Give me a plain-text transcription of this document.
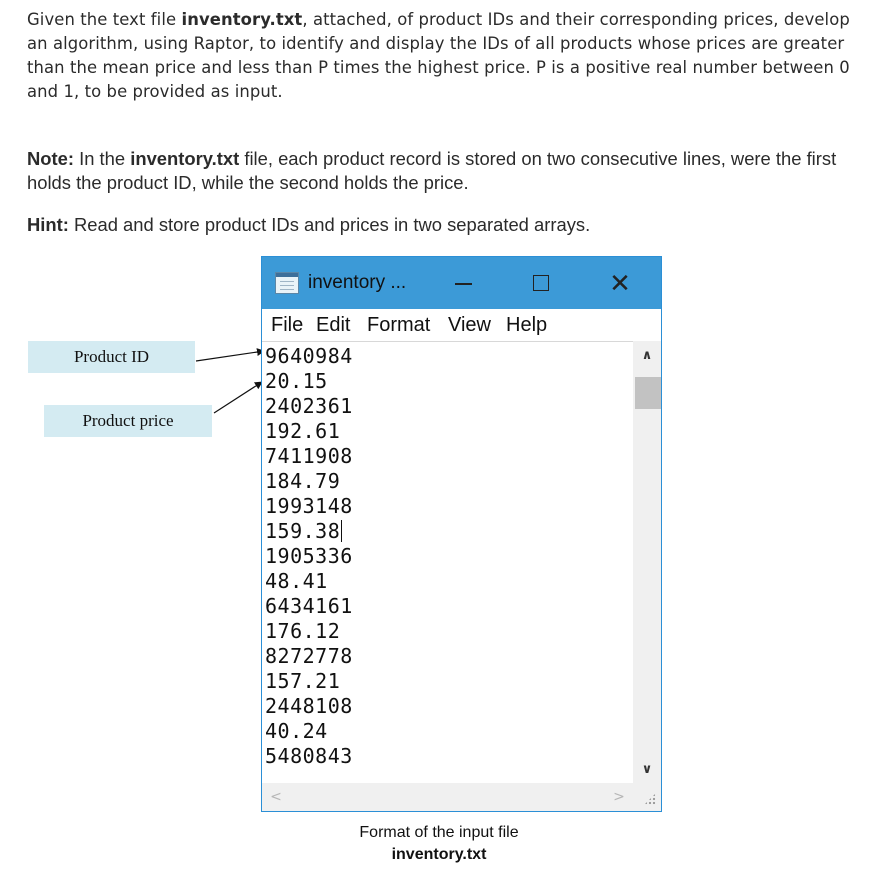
Given the text file inventory.txt, attached, of product IDs and their corresponding prices, develop an algorithm, using Raptor, to identify and display the IDs of all products whose prices are greater than the mean price and less than P times the highest price. P is a positive real number between 0 and 1, to be provided as input.

Note: In the inventory.txt file, each product record is stored on two consecutive lines, were the first holds the product ID, while the second holds the price.

Hint: Read and store product IDs and prices in two separated arrays.

Product ID
Product price
inventory ...	✕
File Edit Format View Help
9640984
20.15
2402361
192.61
7411908
184.79
1993148
159.38
1905336
48.41
6434161
176.12
8272778
157.21
2448108
40.24
5480843
∧
∨
<	>
Format of the input file
inventory.txt
